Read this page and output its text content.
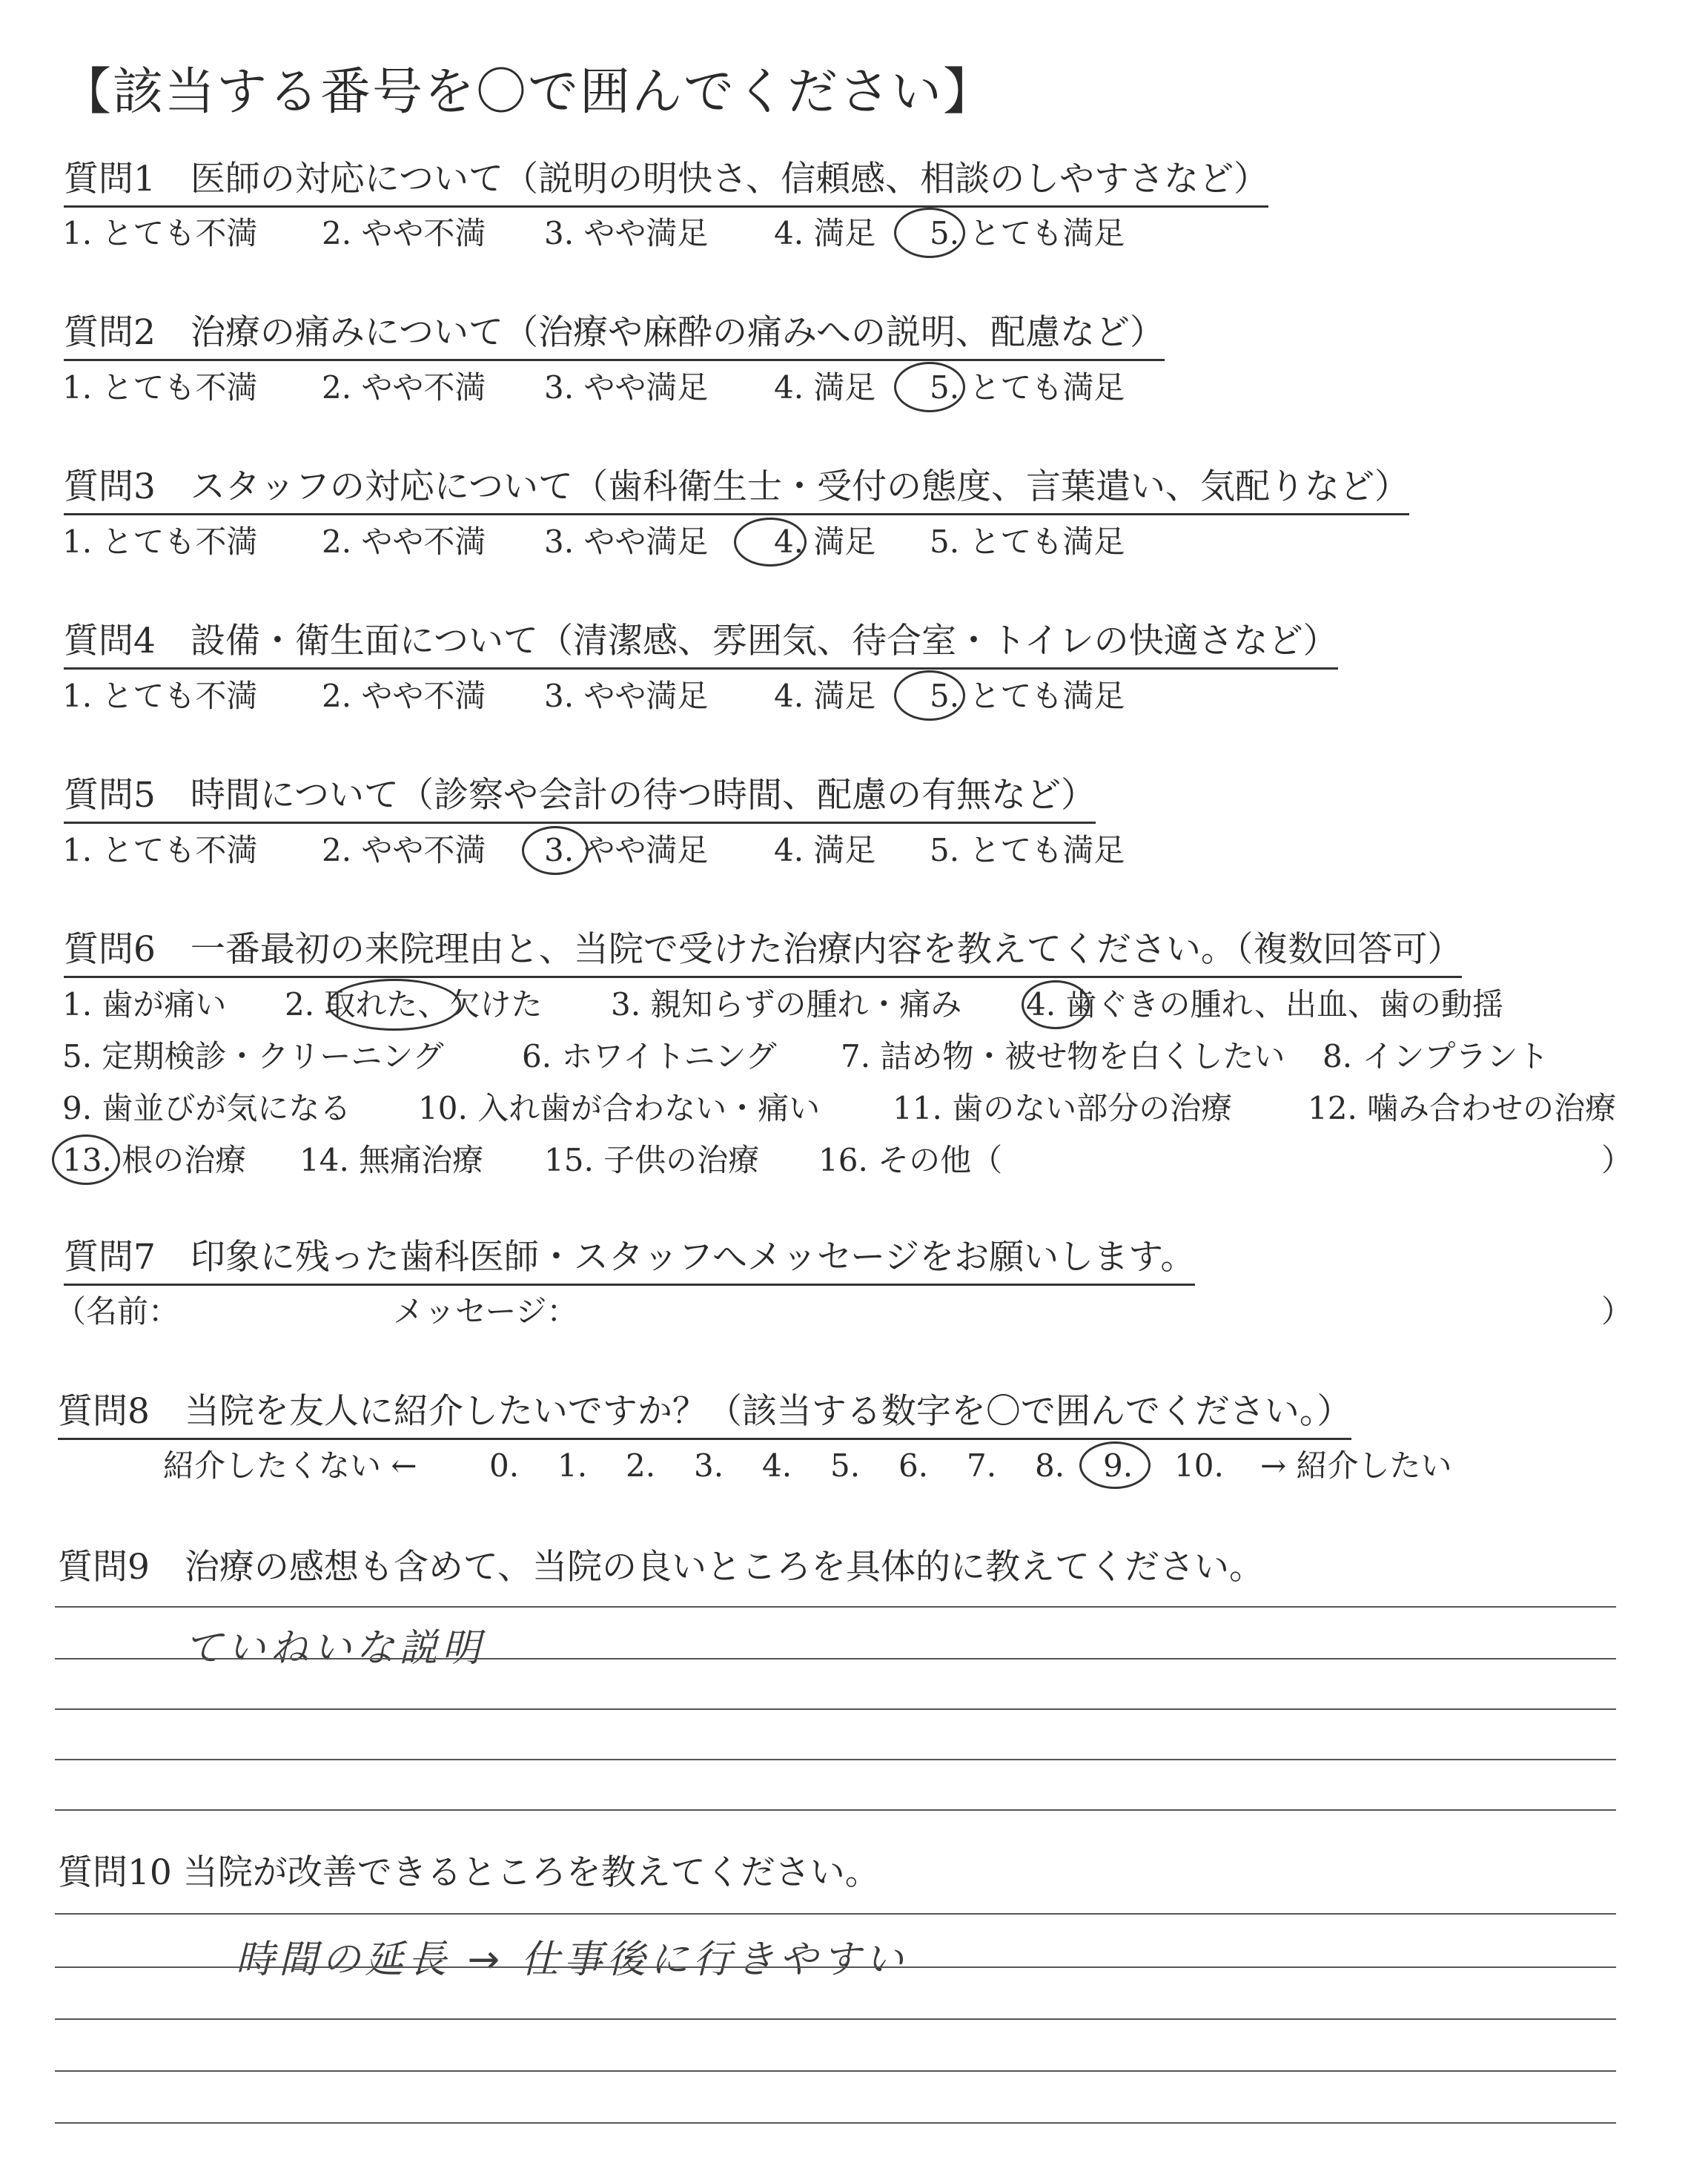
【該当する番号を〇で囲んでください】
質問1　医師の対応について（説明の明快さ、信頼感、相談のしやすさなど）
1. とても不満 2. やや不満 3. やや満足 4. 満足 5. とても満足
質問2　治療の痛みについて（治療や麻酔の痛みへの説明、配慮など）
1. とても不満 2. やや不満 3. やや満足 4. 満足 5. とても満足
質問3　スタッフの対応について（歯科衛生士・受付の態度、言葉遣い、気配りなど）
1. とても不満 2. やや不満 3. やや満足 4. 満足 5. とても満足
質問4　設備・衛生面について（清潔感、雰囲気、待合室・トイレの快適さなど）
1. とても不満 2. やや不満 3. やや満足 4. 満足 5. とても満足
質問5　時間について（診察や会計の待つ時間、配慮の有無など）
1. とても不満 2. やや不満 3. やや満足 4. 満足 5. とても満足
質問6　一番最初の来院理由と、当院で受けた治療内容を教えてください。（複数回答可）
1. 歯が痛い 2. 取れた、欠けた 3. 親知らずの腫れ・痛み 4. 歯ぐきの腫れ、出血、歯の動揺
5. 定期検診・クリーニング	6. ホワイトニング 7. 詰め物・被せ物を白くしたい 8. インプラント
9. 歯並びが気になる 10. 入れ歯が合わない・痛い 11. 歯のない部分の治療 12. 噛み合わせの治療
13. 根の治療 14. 無痛治療 15. 子供の治療 16. その他（	）
質問7　印象に残った歯科医師・スタッフへメッセージをお願いします。
（名前：	メッセージ：	）
質問8　当院を友人に紹介したいですか？（該当する数字を〇で囲んでください。）
紹介したくない ← 0. 1. 2. 3. 4. 5. 6. 7. 8. 9. 10. → 紹介したい
質問9　治療の感想も含めて、当院の良いところを具体的に教えてください。
ていねいな説明
質問10 当院が改善できるところを教えてください。
時間の延長 → 仕事後に行きやすい
